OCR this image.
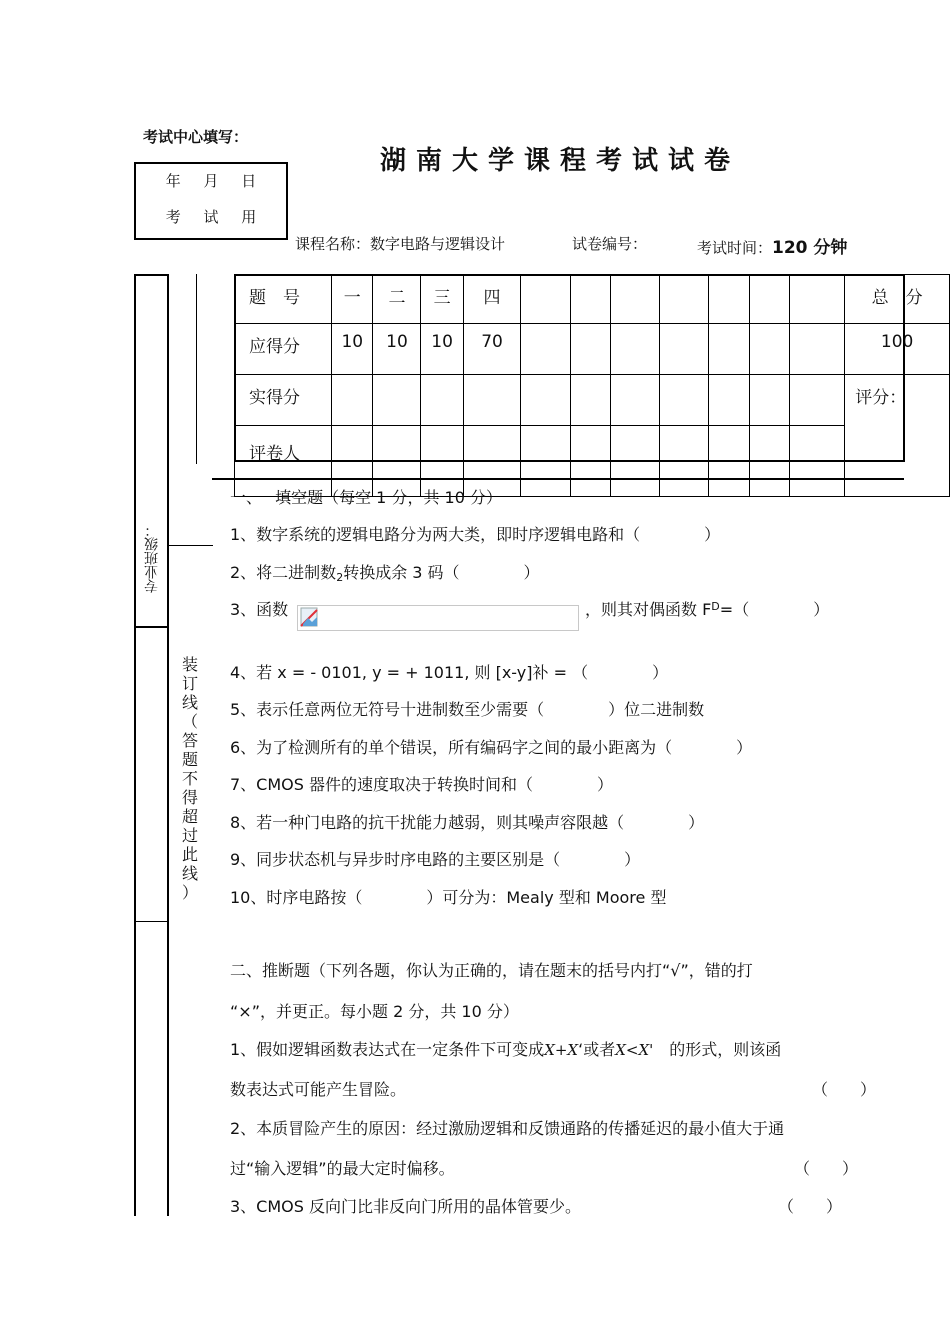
考试中心填写：
年 月 日
考 试 用
湖南大学课程考试试卷
课程名称：数字电路与逻辑设计	试卷编号：	考试时间：120 分钟
专业班级：
装
订
线
（
答
题
不
得
超
过
此
线
）
题　号	一	二	三	四								总　分
应得分	10	10	10	70								100
实得分												评分：
评卷人												
一、　 填空题（每空 1 分，共 10 分）
1、数字系统的逻辑电路分为两大类，即时序逻辑电路和（　　　　）
2、将二进制数$_2$转换成余 3 码（　　　　）
3、函数	，则其对偶函数 $F^D=$（　　　　）
4、若 x = - 0101, y = + 1011, 则 [x-y]补 = （　　　　）
5、表示任意两位无符号十进制数至少需要（　　　　）位二进制数
6、为了检测所有的单个错误，所有编码字之间的最小距离为（　　　　）
7、CMOS 器件的速度取决于转换时间和（　　　　）
8、若一种门电路的抗干扰能力越弱，则其噪声容限越（　　　　）
9、同步状态机与异步时序电路的主要区别是（　　　　）
10、时序电路按（　　　　）可分为：Mealy 型和 Moore 型
二、推断题（下列各题，你认为正确的，请在题末的括号内打“√”，错的打
“×”，并更正。每小题 2 分，共 10 分）
1、假如逻辑函数表达式在一定条件下可变成X+X‘或者X<X'　的形式，则该函
数表达式可能产生冒险。	（　　）
2、本质冒险产生的原因：经过激励逻辑和反馈通路的传播延迟的最小值大于通
过“输入逻辑”的最大定时偏移。	（　　）
3、CMOS 反向门比非反向门所用的晶体管要少。	（　　）
